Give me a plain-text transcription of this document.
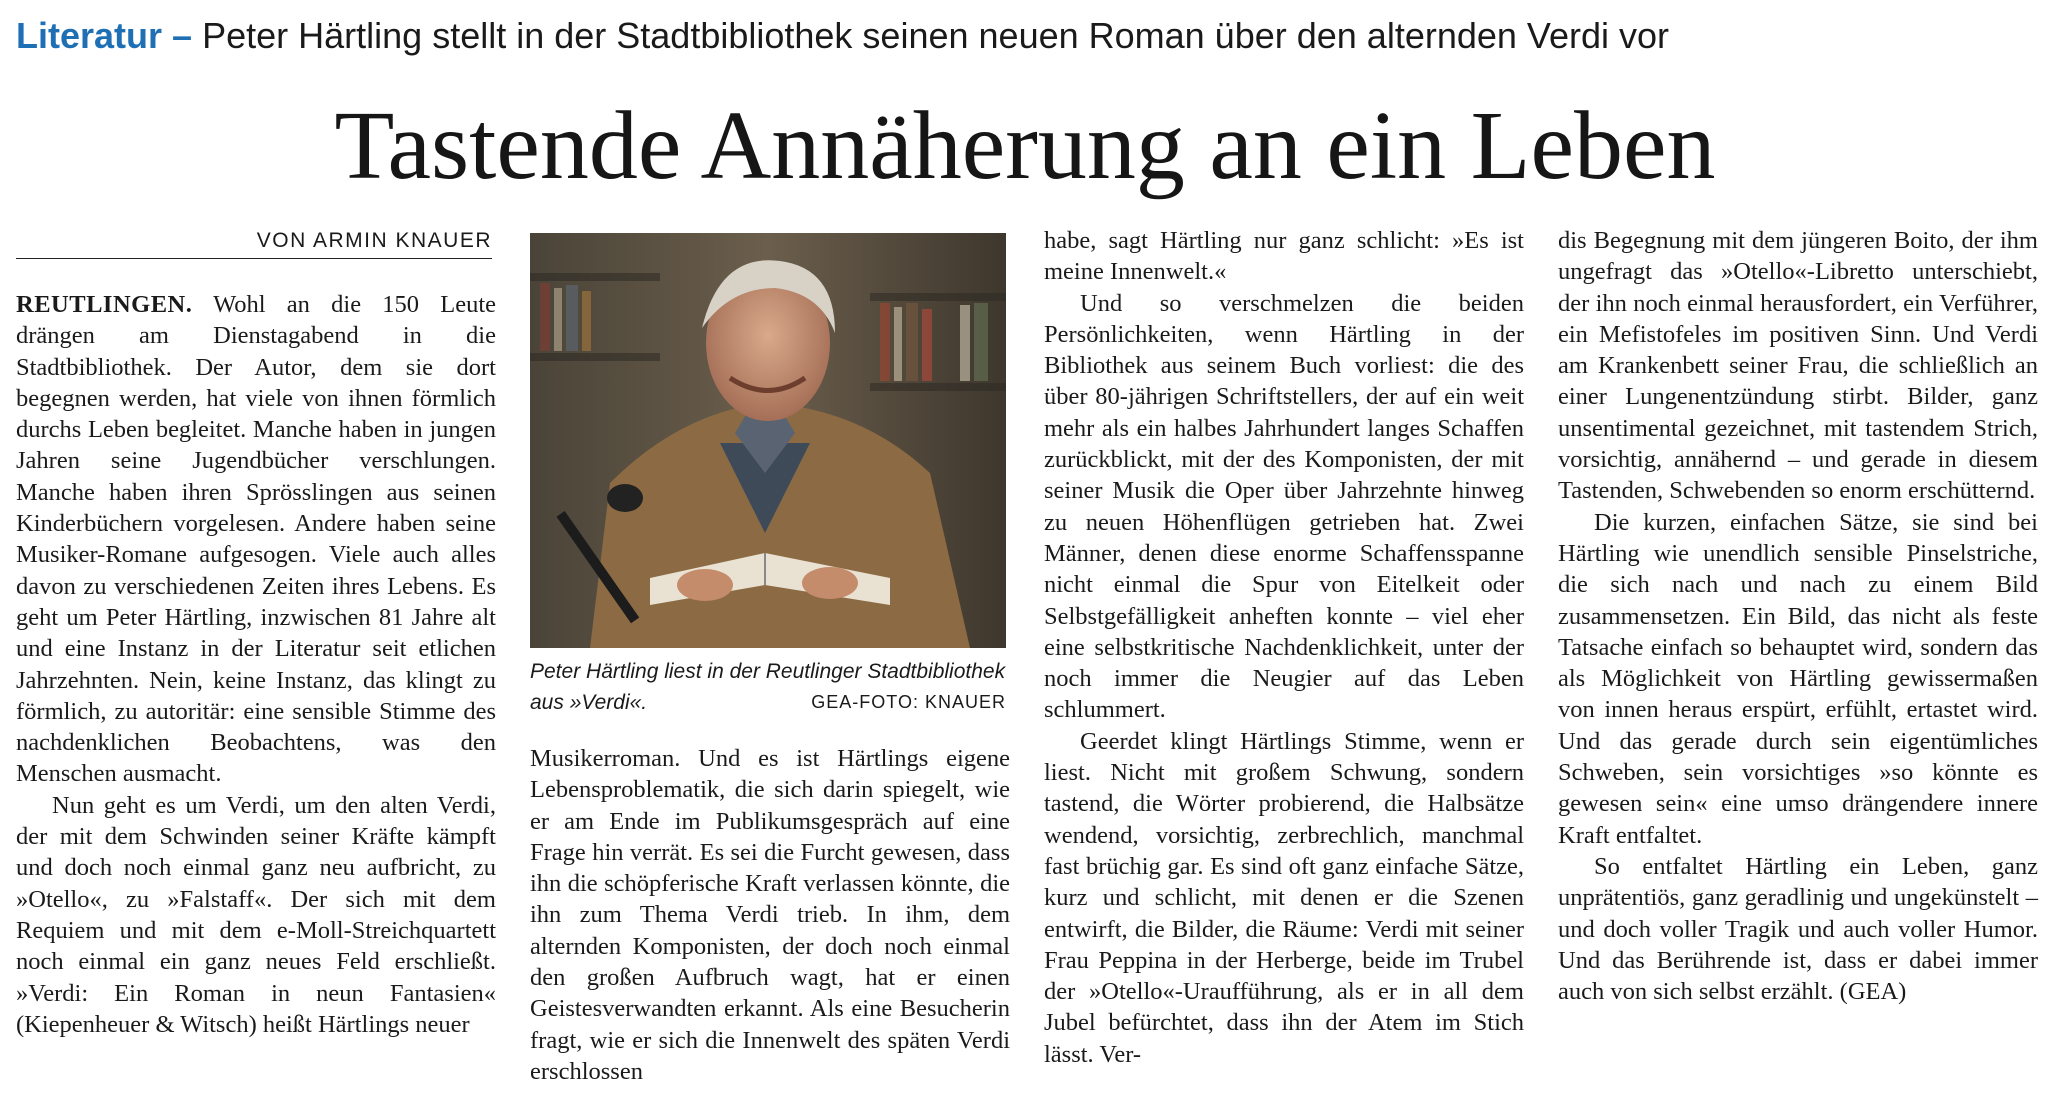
Literatur – Peter Härtling stellt in der Stadtbibliothek seinen neuen Roman über den alternden Verdi vor
Tastende Annäherung an ein Leben
VON ARMIN KNAUER

REUTLINGEN. Wohl an die 150 Leute drängen am Dienstagabend in die Stadtbibliothek. Der Autor, dem sie dort begegnen werden, hat viele von ihnen förmlich durchs Leben begleitet. Manche haben in jungen Jahren seine Jugendbücher verschlungen. Manche haben ihren Sprösslingen aus seinen Kinderbüchern vorgelesen. Andere haben seine Musiker-Romane aufgesogen. Viele auch alles davon zu verschiedenen Zeiten ihres Lebens. Es geht um Peter Härtling, inzwischen 81 Jahre alt und eine Instanz in der Literatur seit etlichen Jahrzehnten. Nein, keine Instanz, das klingt zu förmlich, zu autoritär: eine sensible Stimme des nachdenklichen Beobachtens, was den Menschen ausmacht.

Nun geht es um Verdi, um den alten Verdi, der mit dem Schwinden seiner Kräfte kämpft und doch noch einmal ganz neu aufbricht, zu »Otello«, zu »Falstaff«. Der sich mit dem Requiem und mit dem e-Moll-Streichquartett noch einmal ein ganz neues Feld erschließt. »Verdi: Ein Roman in neun Fantasien« (Kiepenheuer & Witsch) heißt Härtlings neuer

Peter Härtling liest in der Reutlinger Stadtbibliothek aus »Verdi«.	GEA-FOTO: KNAUER

Musikerroman. Und es ist Härtlings eigene Lebensproblematik, die sich darin spiegelt, wie er am Ende im Publikumsgespräch auf eine Frage hin verrät. Es sei die Furcht gewesen, dass ihn die schöpferische Kraft verlassen könnte, die ihn zum Thema Verdi trieb. In ihm, dem alternden Komponisten, der doch noch einmal den großen Aufbruch wagt, hat er einen Geistesverwandten erkannt. Als eine Besucherin fragt, wie er sich die Innenwelt des späten Verdi erschlossen

habe, sagt Härtling nur ganz schlicht: »Es ist meine Innenwelt.«

Und so verschmelzen die beiden Persönlichkeiten, wenn Härtling in der Bibliothek aus seinem Buch vorliest: die des über 80-jährigen Schriftstellers, der auf ein weit mehr als ein halbes Jahrhundert langes Schaffen zurückblickt, mit der des Komponisten, der mit seiner Musik die Oper über Jahrzehnte hinweg zu neuen Höhenflügen getrieben hat. Zwei Männer, denen diese enorme Schaffensspanne nicht einmal die Spur von Eitelkeit oder Selbstgefälligkeit anheften konnte – viel eher eine selbstkritische Nachdenklichkeit, unter der noch immer die Neugier auf das Leben schlummert.

Geerdet klingt Härtlings Stimme, wenn er liest. Nicht mit großem Schwung, sondern tastend, die Wörter probierend, die Halbsätze wendend, vorsichtig, zerbrechlich, manchmal fast brüchig gar. Es sind oft ganz einfache Sätze, kurz und schlicht, mit denen er die Szenen entwirft, die Bilder, die Räume: Verdi mit seiner Frau Peppina in der Herberge, beide im Trubel der »Otello«-Uraufführung, als er in all dem Jubel befürchtet, dass ihn der Atem im Stich lässt. Ver-

dis Begegnung mit dem jüngeren Boito, der ihm ungefragt das »Otello«-Libretto unterschiebt, der ihn noch einmal herausfordert, ein Verführer, ein Mefistofeles im positiven Sinn. Und Verdi am Krankenbett seiner Frau, die schließlich an einer Lungenentzündung stirbt. Bilder, ganz unsentimental gezeichnet, mit tastendem Strich, vorsichtig, annähernd – und gerade in diesem Tastenden, Schwebenden so enorm erschütternd.

Die kurzen, einfachen Sätze, sie sind bei Härtling wie unendlich sensible Pinselstriche, die sich nach und nach zu einem Bild zusammensetzen. Ein Bild, das nicht als feste Tatsache einfach so behauptet wird, sondern das als Möglichkeit von Härtling gewissermaßen von innen heraus erspürt, erfühlt, ertastet wird. Und das gerade durch sein eigentümliches Schweben, sein vorsichtiges »so könnte es gewesen sein« eine umso drängendere innere Kraft entfaltet.

So entfaltet Härtling ein Leben, ganz unprätentiös, ganz geradlinig und ungekünstelt – und doch voller Tragik und auch voller Humor. Und das Berührende ist, dass er dabei immer auch von sich selbst erzählt. (GEA)
